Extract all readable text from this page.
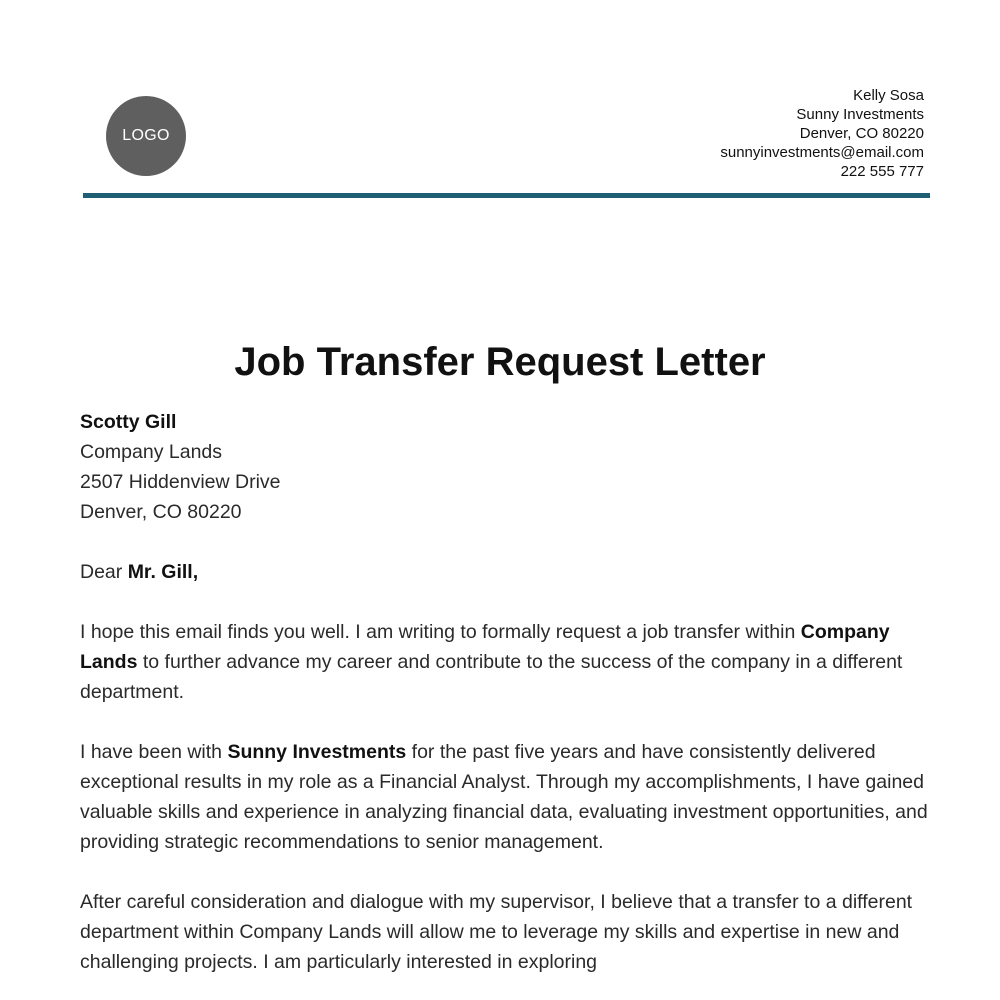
LOGO
Kelly Sosa
Sunny Investments
Denver, CO 80220
sunnyinvestments@email.com
222 555 777
Job Transfer Request Letter

Scotty Gill
Company Lands
2507 Hiddenview Drive
Denver, CO 80220

Dear Mr. Gill,

I hope this email finds you well. I am writing to formally request a job transfer within Company Lands to further advance my career and contribute to the success of the company in a different department.

I have been with Sunny Investments for the past five years and have consistently delivered exceptional results in my role as a Financial Analyst. Through my accomplishments, I have gained valuable skills and experience in analyzing financial data, evaluating investment opportunities, and providing strategic recommendations to senior management.

After careful consideration and dialogue with my supervisor, I believe that a transfer to a different department within Company Lands will allow me to leverage my skills and expertise in new and challenging projects. I am particularly interested in exploring
